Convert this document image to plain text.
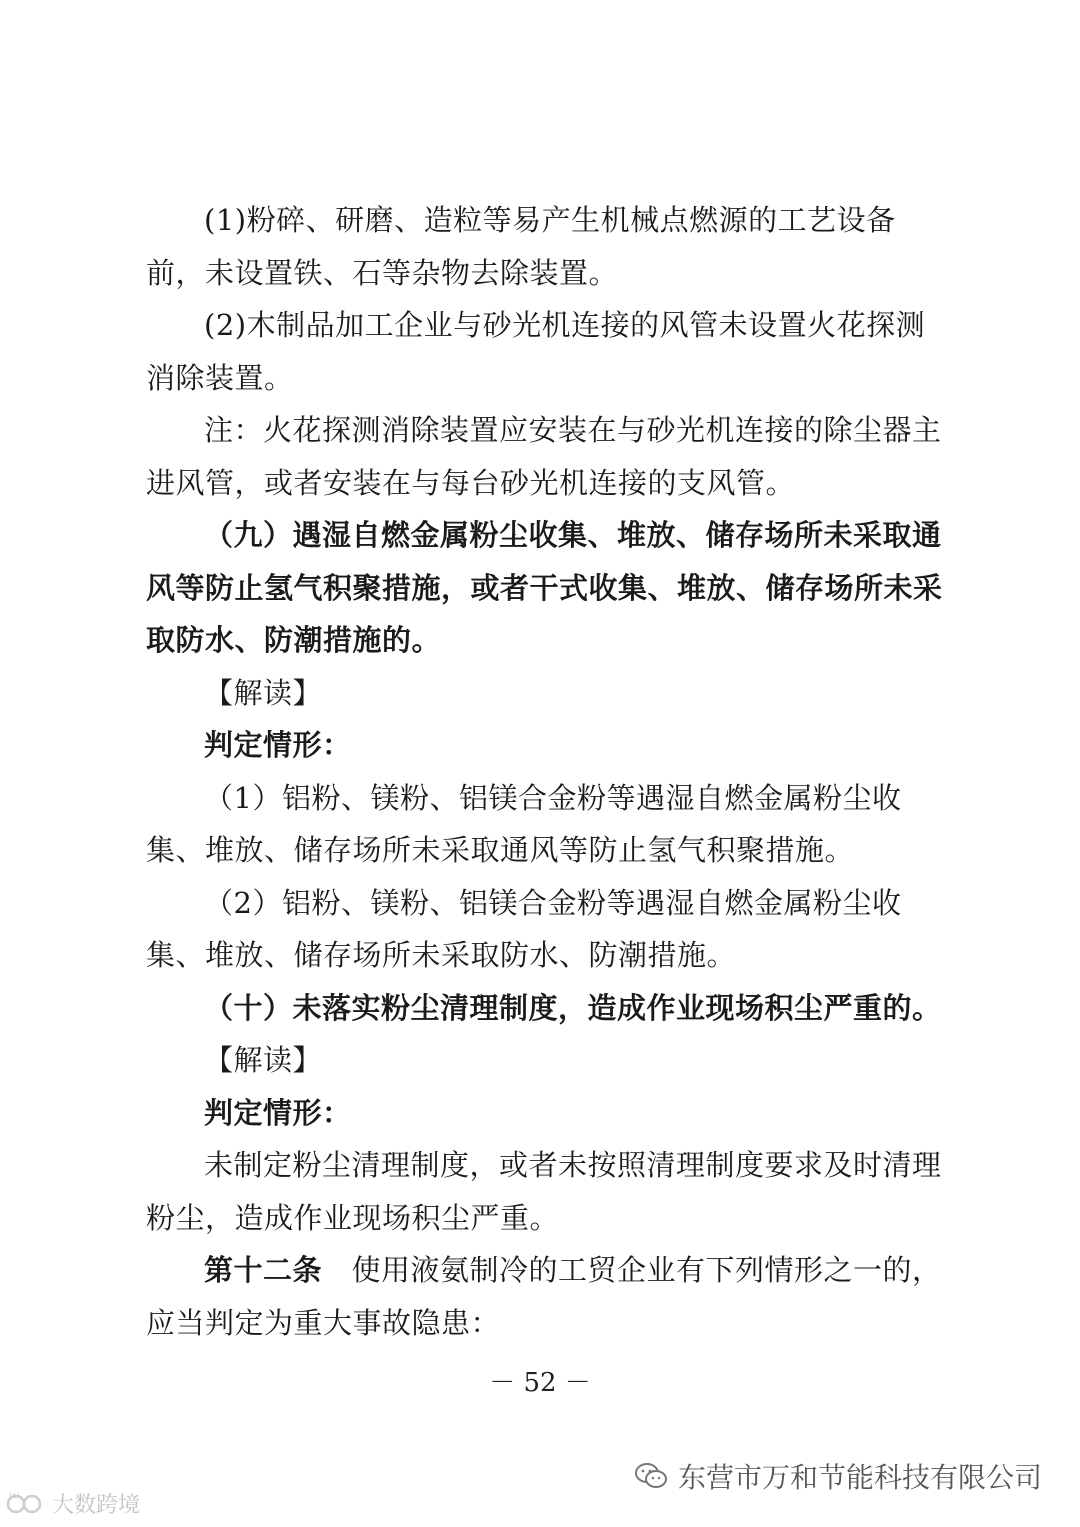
(1)粉碎、研磨、造粒等易产生机械点燃源的工艺设备前，未设置铁、石等杂物去除装置。

(2)木制品加工企业与砂光机连接的风管未设置火花探测消除装置。

注：火花探测消除装置应安装在与砂光机连接的除尘器主进风管，或者安装在与每台砂光机连接的支风管。

（九）遇湿自燃金属粉尘收集、堆放、储存场所未采取通风等防止氢气积聚措施，或者干式收集、堆放、储存场所未采取防水、防潮措施的。

【解读】

判定情形：

（1）铝粉、镁粉、铝镁合金粉等遇湿自燃金属粉尘收集、堆放、储存场所未采取通风等防止氢气积聚措施。

（2）铝粉、镁粉、铝镁合金粉等遇湿自燃金属粉尘收集、堆放、储存场所未采取防水、防潮措施。

（十）未落实粉尘清理制度，造成作业现场积尘严重的。

【解读】

判定情形：

未制定粉尘清理制度，或者未按照清理制度要求及时清理粉尘，造成作业现场积尘严重。

第十二条　使用液氨制冷的工贸企业有下列情形之一的，应当判定为重大事故隐患：

－ 52 －
(c) 大数跨境
东营市万和节能科技有限公司
